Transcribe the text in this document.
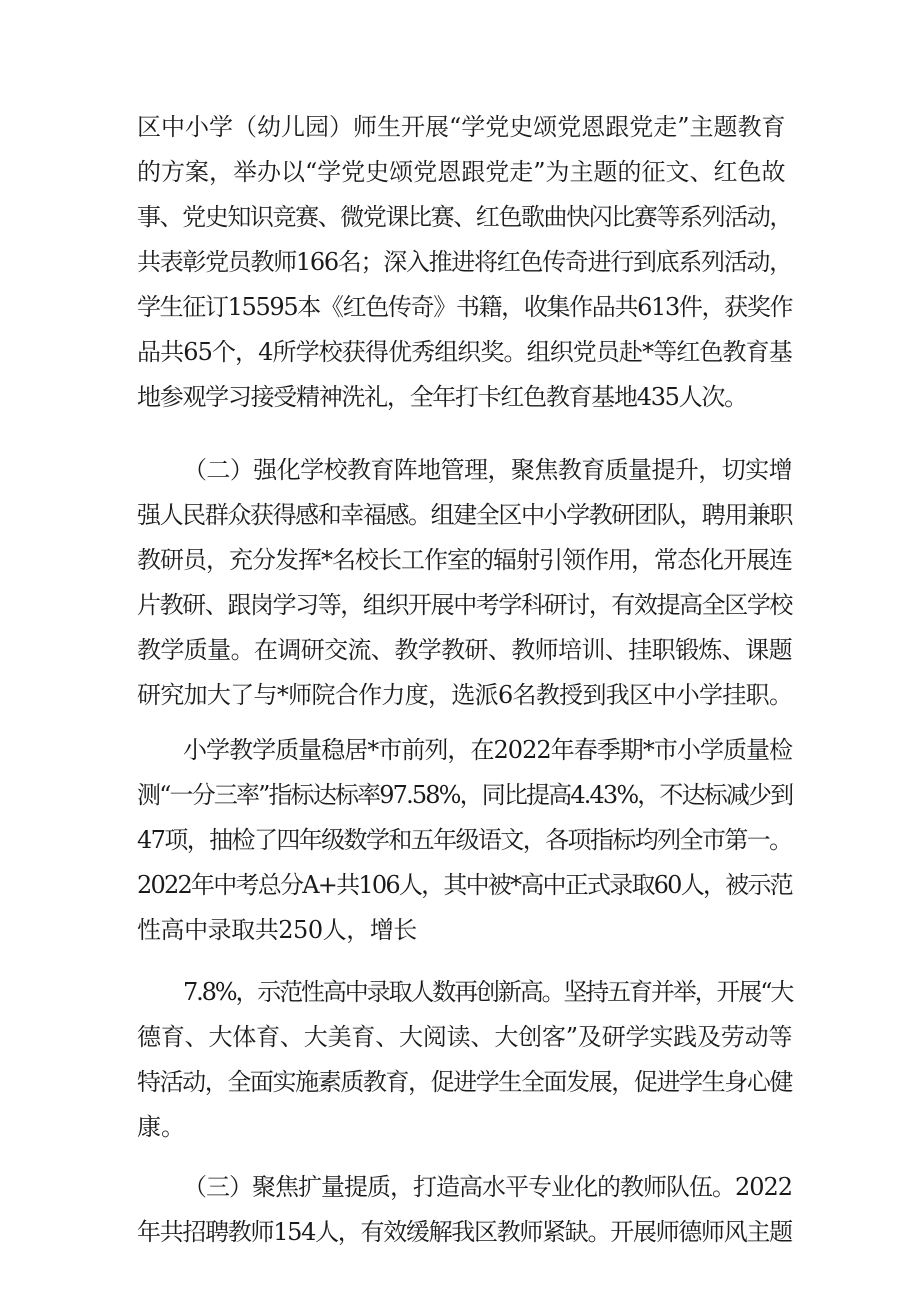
区中小学（幼儿园）师生开展“学党史颂党恩跟党走”主题教育
的方案，举办以“学党史颂党恩跟党走”为主题的征文、红色故
事、党史知识竞赛、微党课比赛、红色歌曲快闪比赛等系列活动，
共表彰党员教师166名；深入推进将红色传奇进行到底系列活动，
学生征订15595本《红色传奇》书籍，收集作品共613件，获奖作
品共65个，4所学校获得优秀组织奖。组织党员赴*等红色教育基
地参观学习接受精神洗礼，全年打卡红色教育基地435人次。
（二）强化学校教育阵地管理，聚焦教育质量提升，切实增
强人民群众获得感和幸福感。组建全区中小学教研团队，聘用兼职
教研员，充分发挥*名校长工作室的辐射引领作用，常态化开展连
片教研、跟岗学习等，组织开展中考学科研讨，有效提高全区学校
教学质量。在调研交流、教学教研、教师培训、挂职锻炼、课题
研究加大了与*师院合作力度，选派6名教授到我区中小学挂职。
小学教学质量稳居*市前列，在2022年春季期*市小学质量检
测“一分三率”指标达标率97.58%，同比提高4.43%，不达标减少到
47项，抽检了四年级数学和五年级语文，各项指标均列全市第一。
2022年中考总分A+共106人，其中被*高中正式录取60人，被示范
性高中录取共250人，增长
7.8%，示范性高中录取人数再创新高。坚持五育并举，开展“大
德育、大体育、大美育、大阅读、大创客”及研学实践及劳动等
特活动，全面实施素质教育，促进学生全面发展，促进学生身心健
康。
（三）聚焦扩量提质，打造高水平专业化的教师队伍。2022
年共招聘教师154人，有效缓解我区教师紧缺。开展师德师风主题
